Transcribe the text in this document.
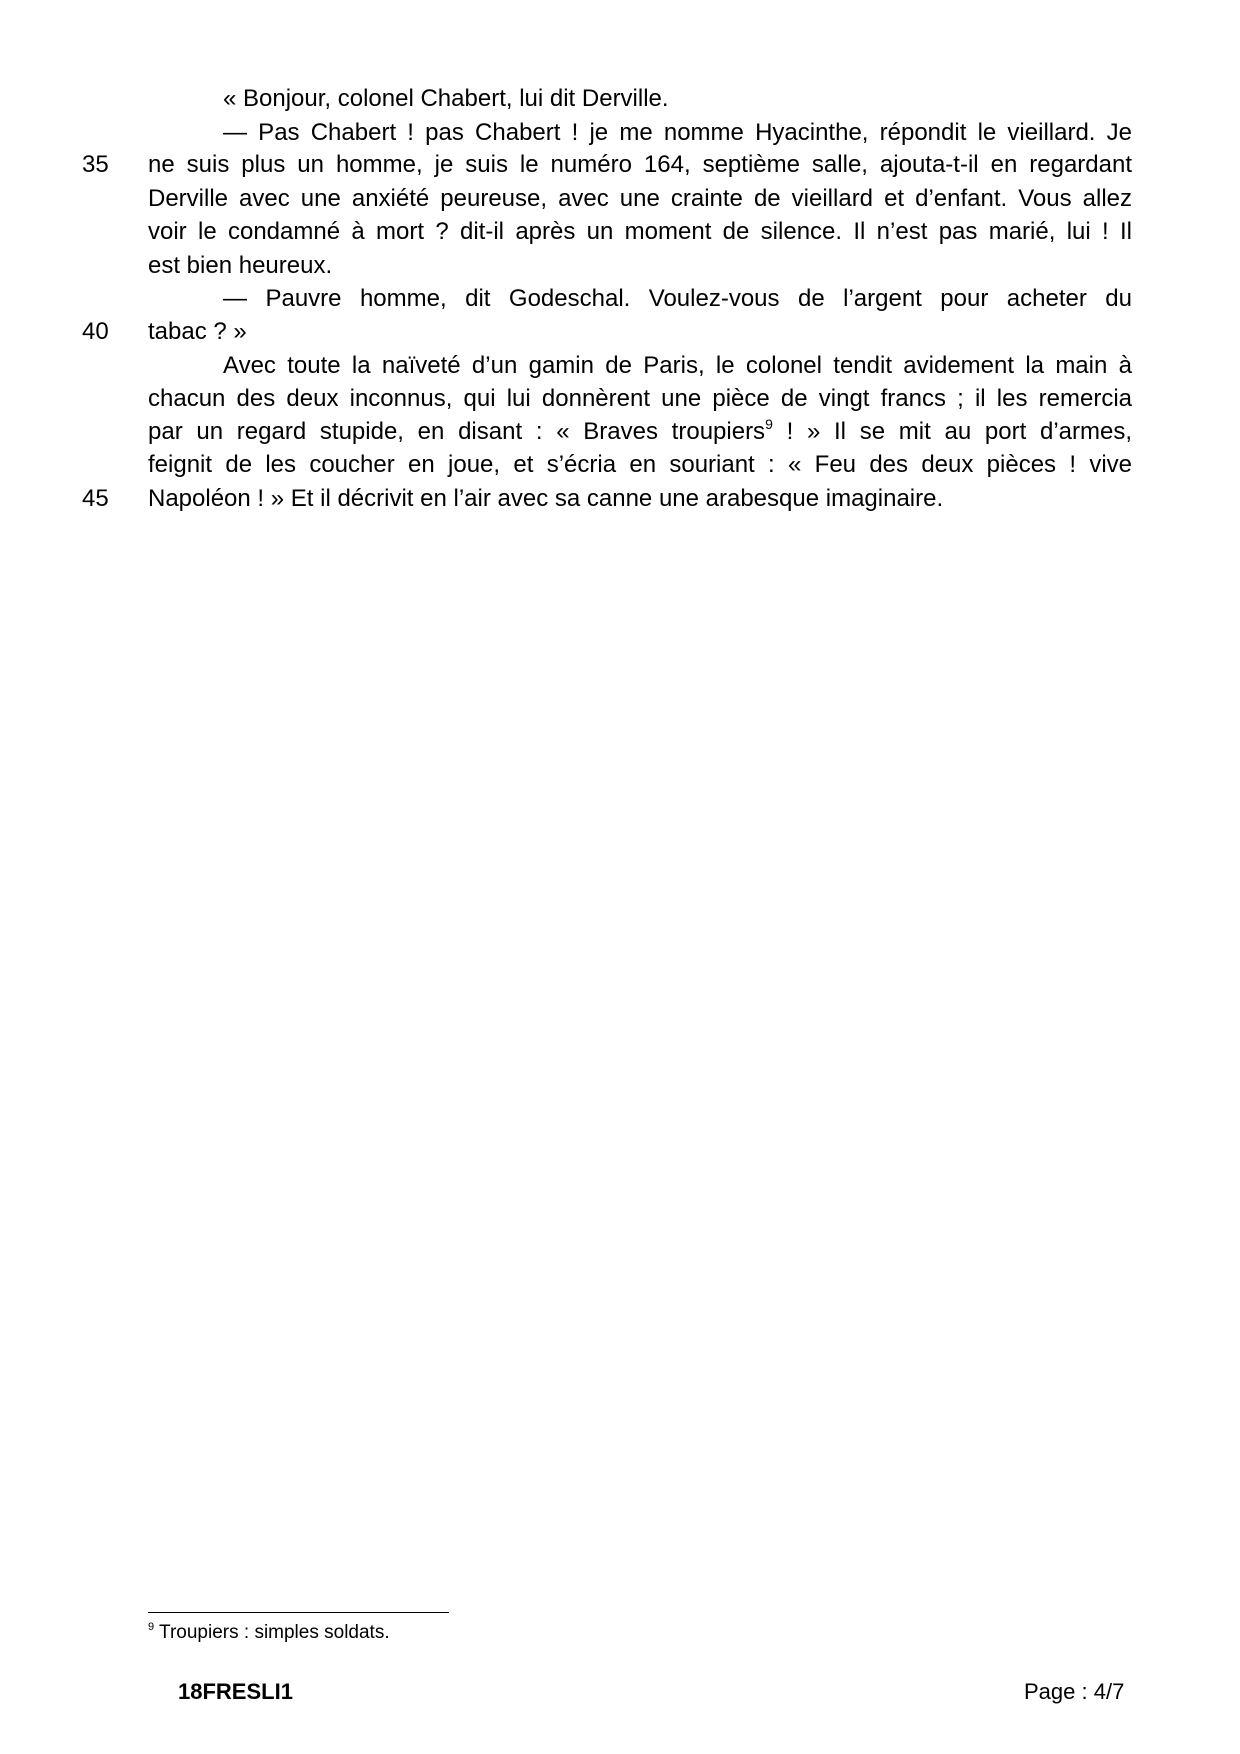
« Bonjour, colonel Chabert, lui dit Derville.
— Pas Chabert ! pas Chabert ! je me nomme Hyacinthe, répondit le vieillard. Je
35	ne suis plus un homme, je suis le numéro 164, septième salle, ajouta-t-il en regardant
Derville avec une anxiété peureuse, avec une crainte de vieillard et d’enfant. Vous allez
voir le condamné à mort ? dit-il après un moment de silence. Il n’est pas marié, lui ! Il
est bien heureux.
— Pauvre homme, dit Godeschal. Voulez-vous de l’argent pour acheter du
40	tabac ? »
Avec toute la naïveté d’un gamin de Paris, le colonel tendit avidement la main à
chacun des deux inconnus, qui lui donnèrent une pièce de vingt francs ; il les remercia
par un regard stupide, en disant : « Braves troupiers$^9$ ! » Il se mit au port d’armes,
feignit de les coucher en joue, et s’écria en souriant : « Feu des deux pièces ! vive
45	Napoléon ! » Et il décrivit en l’air avec sa canne une arabesque imaginaire.
$^9$ Troupiers : simples soldats.
18FRESLI1	Page : 4/7
